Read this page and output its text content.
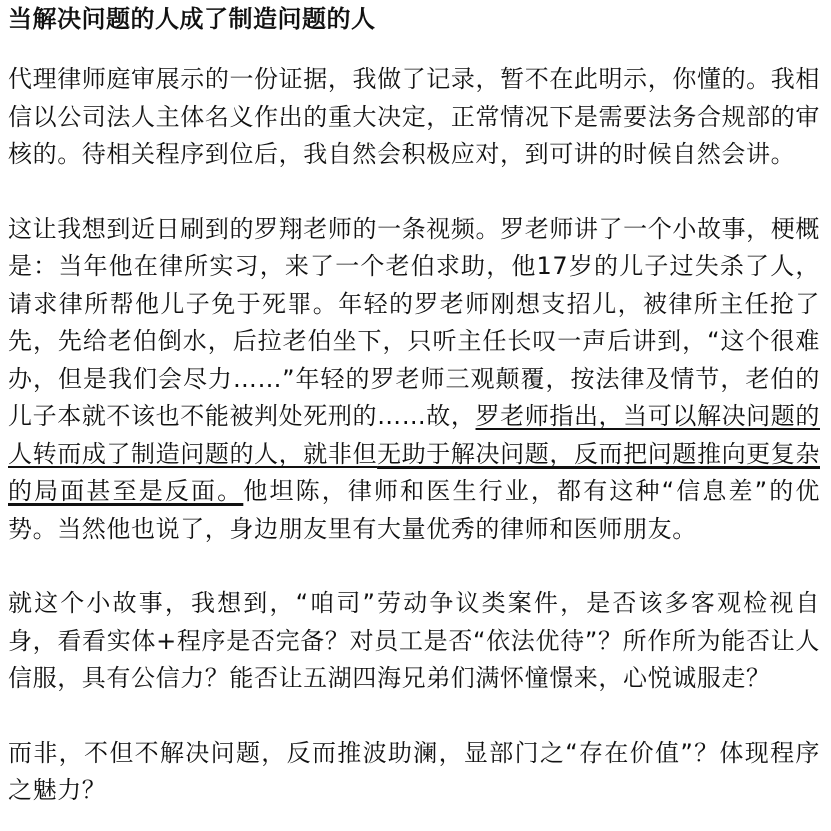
当解决问题的人成了制造问题的人
代理律师庭审展示的一份证据，我做了记录，暂不在此明示，你懂的。我相信以公司法人主体名义作出的重大决定，正常情况下是需要法务合规部的审核的。待相关程序到位后，我自然会积极应对，到可讲的时候自然会讲。
这让我想到近日刷到的罗翔老师的一条视频。罗老师讲了一个小故事，梗概是：当年他在律所实习，来了一个老伯求助，他17岁的儿子过失杀了人，请求律所帮他儿子免于死罪。年轻的罗老师刚想支招儿，被律所主任抢了先，先给老伯倒水，后拉老伯坐下，只听主任长叹一声后讲到，“这个很难办，但是我们会尽力……”年轻的罗老师三观颠覆，按法律及情节，老伯的儿子本就不该也不能被判处死刑的……故，罗老师指出，当可以解决问题的人转而成了制造问题的人，就非但无助于解决问题，反而把问题推向更复杂的局面甚至是反面。他坦陈，律师和医生行业，都有这种“信息差”的优势。当然他也说了，身边朋友里有大量优秀的律师和医师朋友。
就这个小故事，我想到，“咱司”劳动争议类案件，是否该多客观检视自身，看看实体+程序是否完备？对员工是否“依法优待”？所作所为能否让人信服，具有公信力？能否让五湖四海兄弟们满怀憧憬来，心悦诚服走？
而非，不但不解决问题，反而推波助澜，显部门之“存在价值”？体现程序之魅力？
